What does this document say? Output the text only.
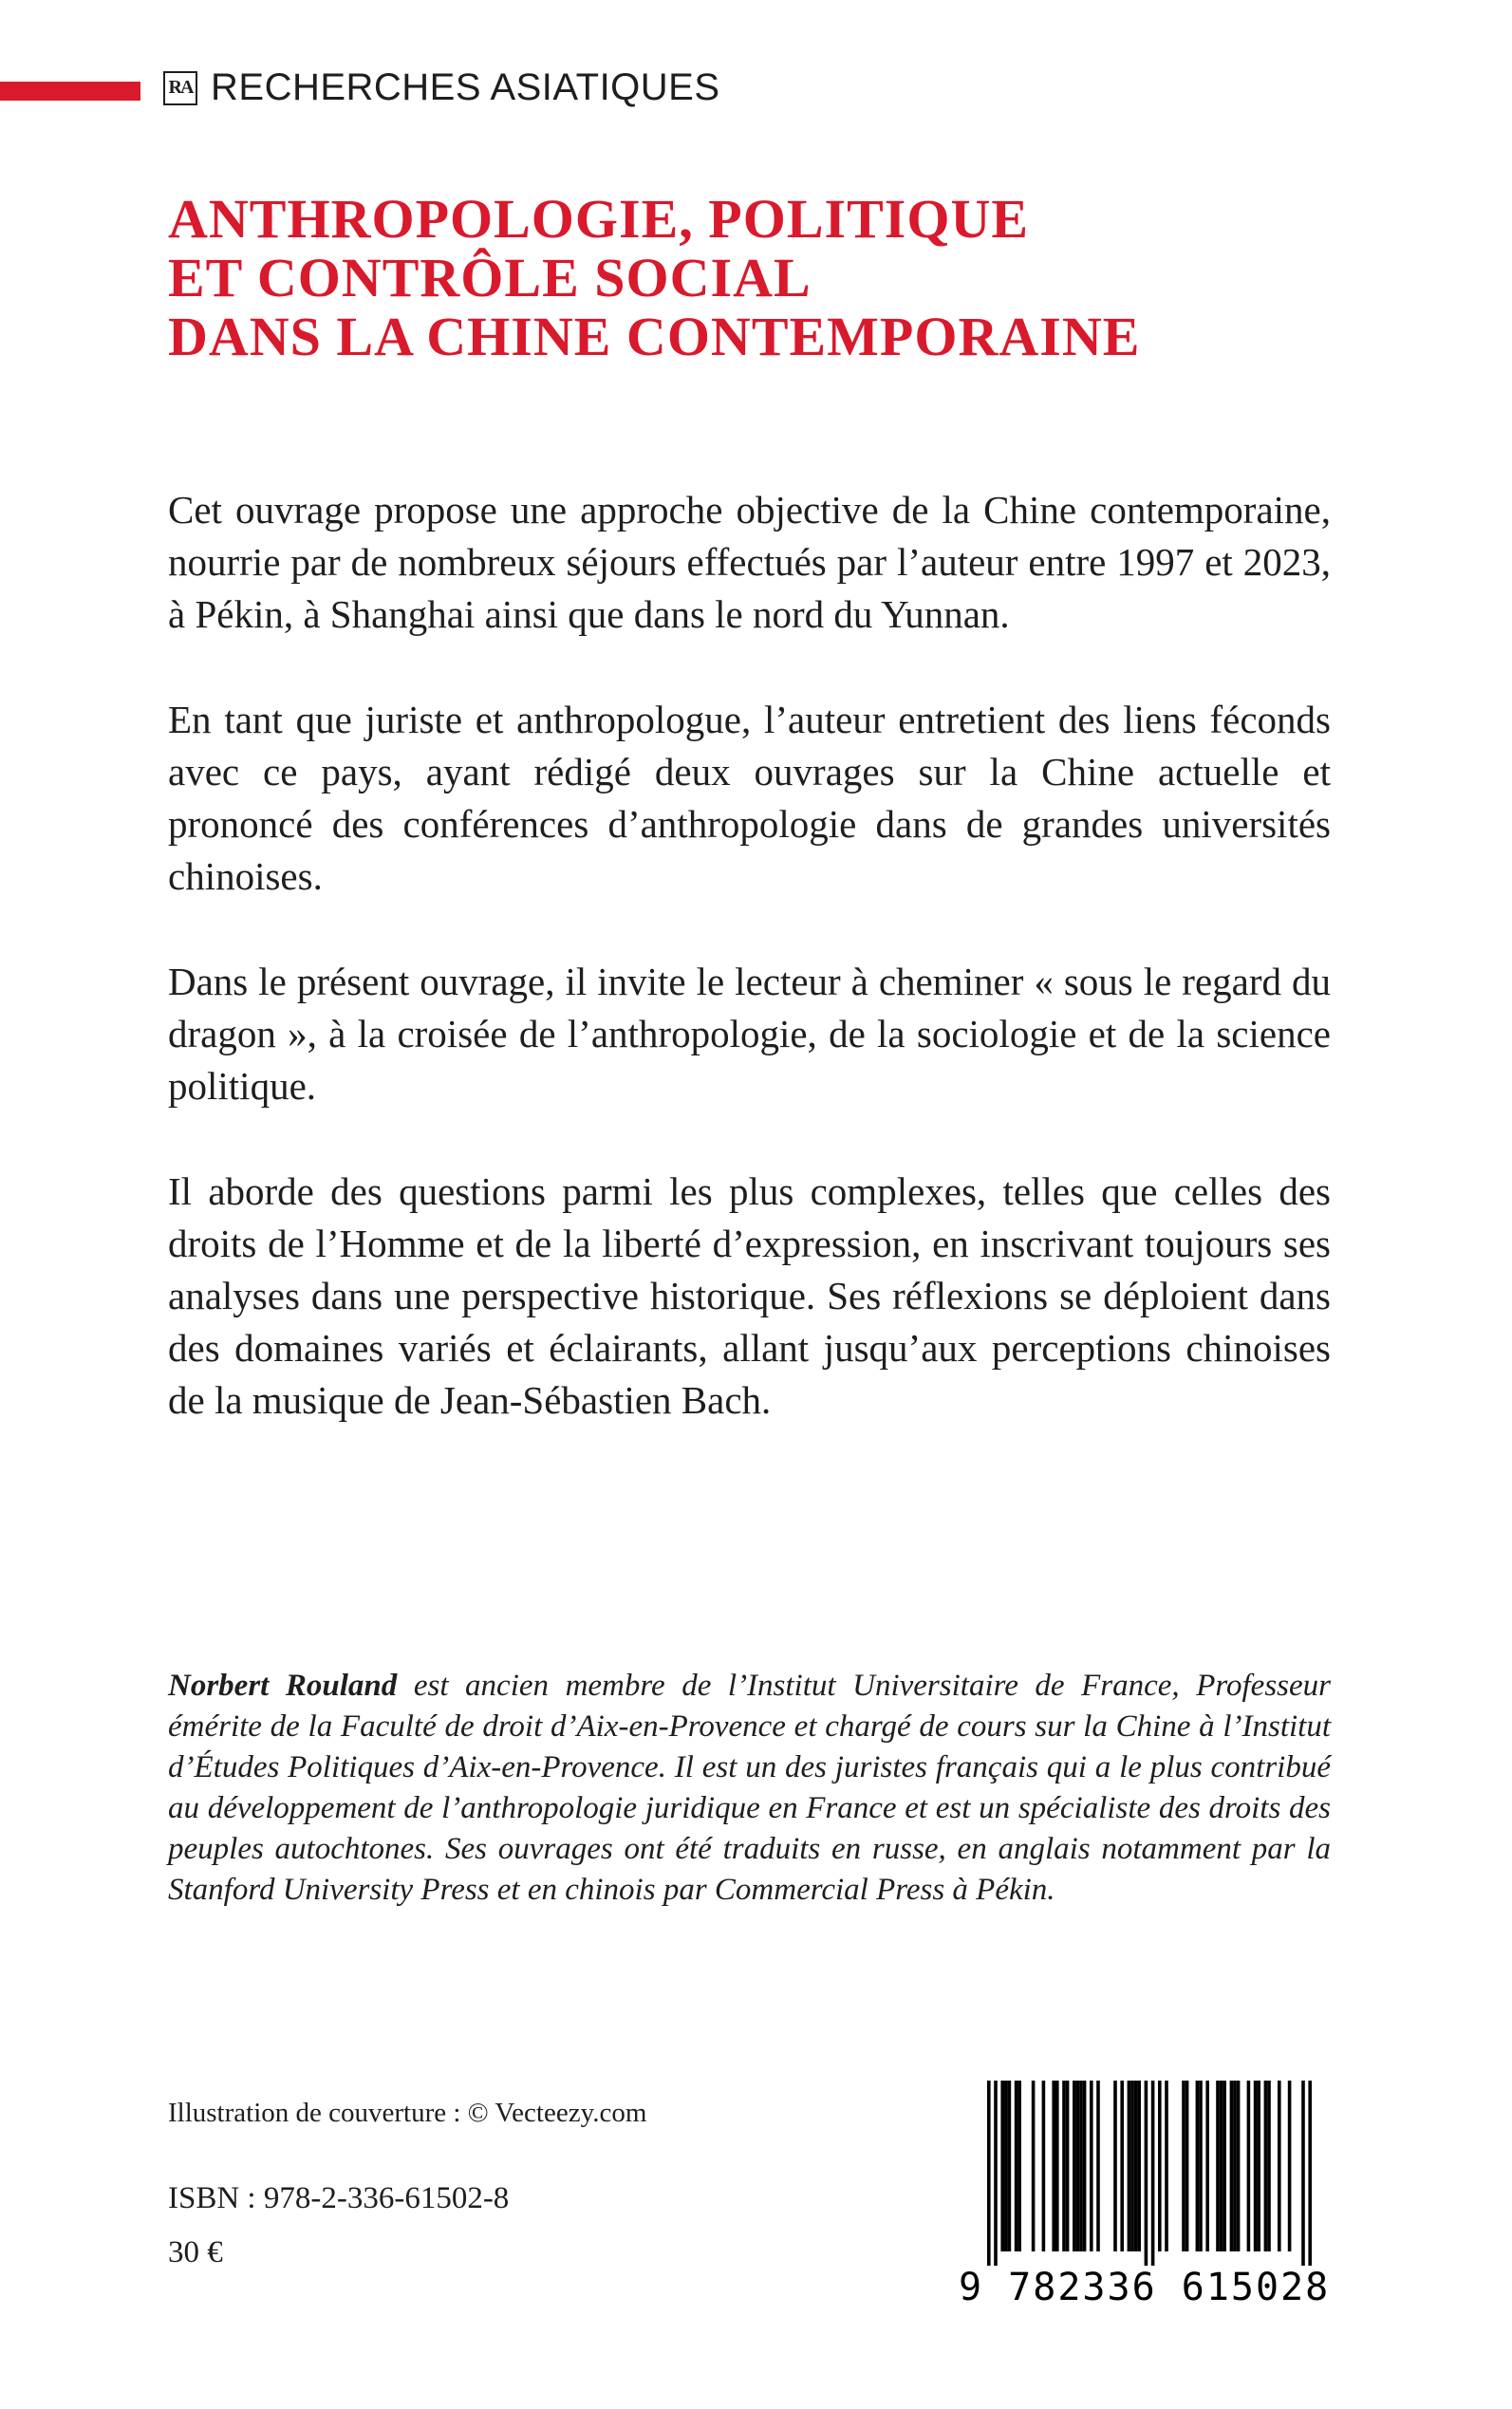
RA RECHERCHES ASIATIQUES
ANTHROPOLOGIE, POLITIQUE
ET CONTRÔLE SOCIAL
DANS LA CHINE CONTEMPORAINE

Cet ouvrage propose une approche objective de la Chine contemporaine, nourrie par de nombreux séjours effectués par l’auteur entre 1997 et 2023, à Pékin, à Shanghai ainsi que dans le nord du Yunnan.

En tant que juriste et anthropologue, l’auteur entretient des liens féconds avec ce pays, ayant rédigé deux ouvrages sur la Chine actuelle et prononcé des conférences d’anthropologie dans de grandes universités chinoises.

Dans le présent ouvrage, il invite le lecteur à cheminer « sous le regard du dragon », à la croisée de l’anthropologie, de la sociologie et de la science politique.

Il aborde des questions parmi les plus complexes, telles que celles des droits de l’Homme et de la liberté d’expression, en inscrivant toujours ses analyses dans une perspective historique. Ses réflexions se déploient dans des domaines variés et éclairants, allant jusqu’aux perceptions chinoises de la musique de Jean-Sébastien Bach.

Norbert Rouland est ancien membre de l’Institut Universitaire de France, Professeur émérite de la Faculté de droit d’Aix-en-Provence et chargé de cours sur la Chine à l’Institut d’Études Politiques d’Aix-en-Provence. Il est un des juristes français qui a le plus contribué au développement de l’anthropologie juridique en France et est un spécialiste des droits des peuples autochtones. Ses ouvrages ont été traduits en russe, en anglais notamment par la Stanford University Press et en chinois par Commercial Press à Pékin.

Illustration de couverture : © Vecteezy.com
ISBN : 978-2-336-61502-8
30 €
9 782336 615028
